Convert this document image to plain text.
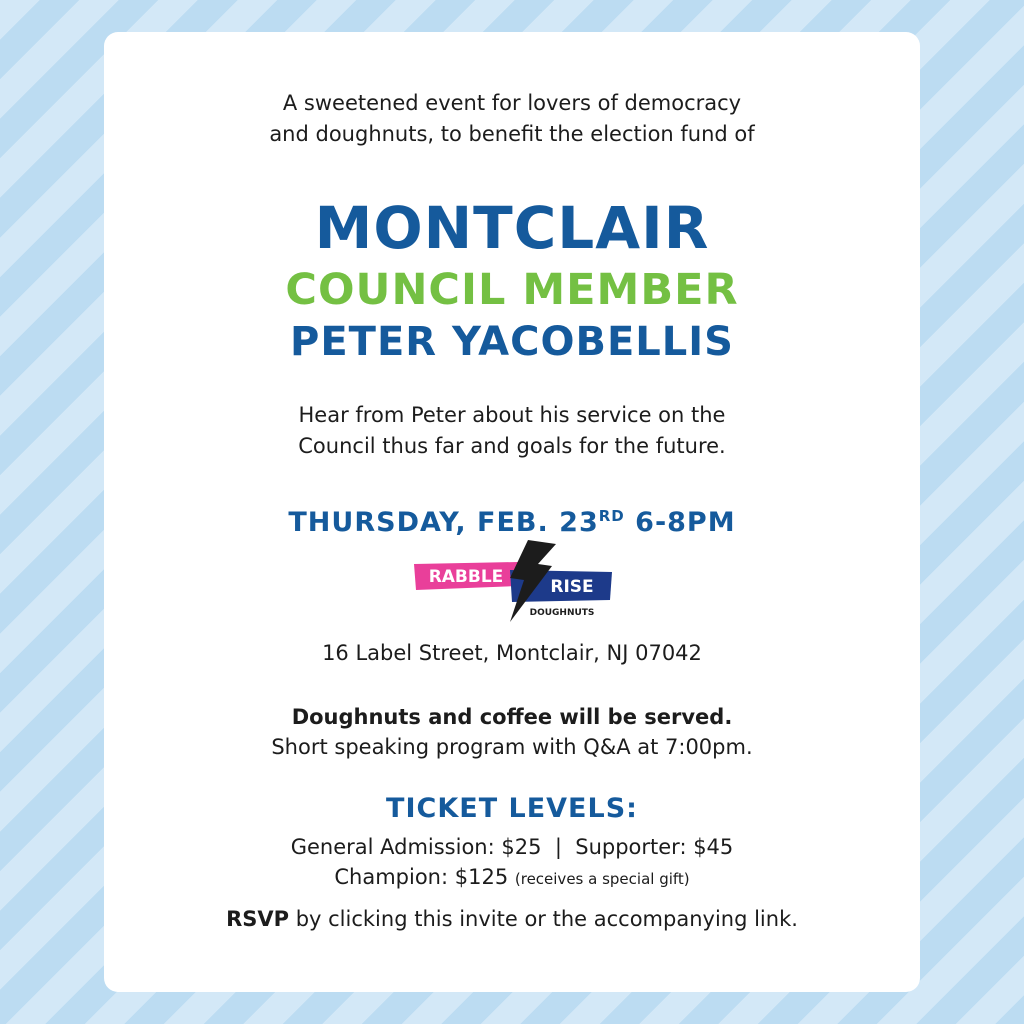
A sweetened event for lovers of democracy
and doughnuts, to benefit the election fund of
MONTCLAIR
COUNCIL MEMBER
PETER YACOBELLIS
Hear from Peter about his service on the
Council thus far and goals for the future.
THURSDAY, FEB. 23RD 6-8PM
RABBLE	RISE
DOUGHNUTS
16 Label Street, Montclair, NJ 07042
Doughnuts and coffee will be served.
Short speaking program with Q&A at 7:00pm.
TICKET LEVELS:
General Admission: $25 | Supporter: $45
Champion: $125 (receives a special gift)
RSVP by clicking this invite or the accompanying link.
